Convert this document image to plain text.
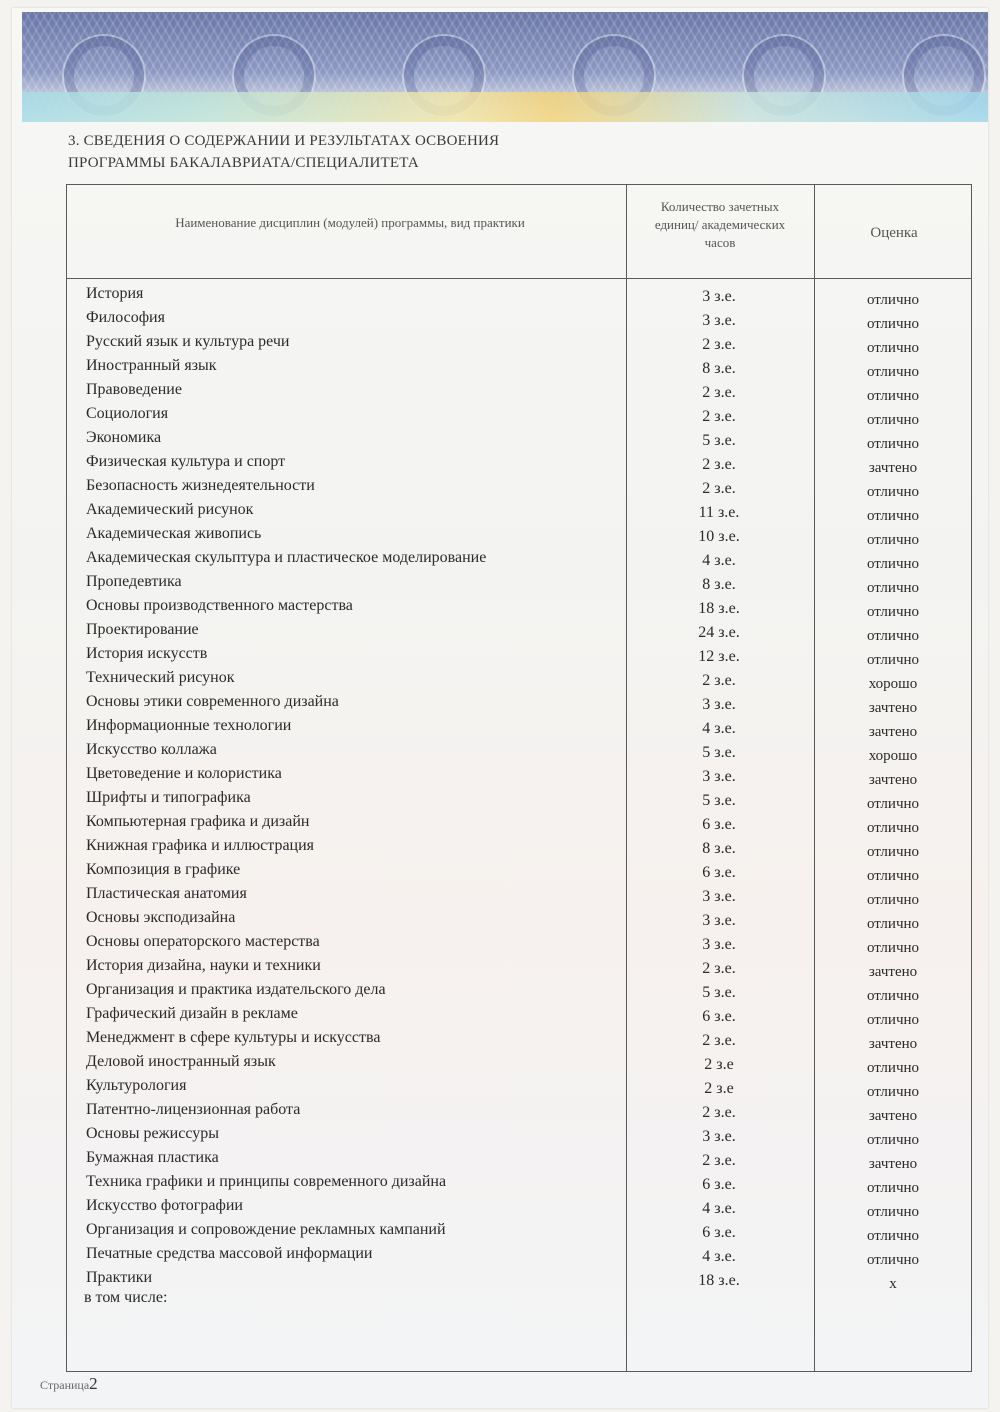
3. СВЕДЕНИЯ О СОДЕРЖАНИИ И РЕЗУЛЬТАТАХ ОСВОЕНИЯ
ПРОГРАММЫ БАКАЛАВРИАТА/СПЕЦИАЛИТЕТА
Наименование дисциплин (модулей) программы, вид практики
Количество зачетных единиц/ академических часов
Оценка
История	3 з.е.	отлично
Философия	3 з.е.	отлично
Русский язык и культура речи	2 з.е.	отлично
Иностранный язык	8 з.е.	отлично
Правоведение	2 з.е.	отлично
Социология	2 з.е.	отлично
Экономика	5 з.е.	отлично
Физическая культура и спорт	2 з.е.	зачтено
Безопасность жизнедеятельности	2 з.е.	отлично
Академический рисунок	11 з.е.	отлично
Академическая живопись	10 з.е.	отлично
Академическая скульптура и пластическое моделирование	4 з.е.	отлично
Пропедевтика	8 з.е.	отлично
Основы производственного мастерства	18 з.е.	отлично
Проектирование	24 з.е.	отлично
История искусств	12 з.е.	отлично
Технический рисунок	2 з.е.	хорошо
Основы этики современного дизайна	3 з.е.	зачтено
Информационные технологии	4 з.е.	зачтено
Искусство коллажа	5 з.е.	хорошо
Цветоведение и колористика	3 з.е.	зачтено
Шрифты и типографика	5 з.е.	отлично
Компьютерная графика и дизайн	6 з.е.	отлично
Книжная графика и иллюстрация	8 з.е.	отлично
Композиция в графике	6 з.е.	отлично
Пластическая анатомия	3 з.е.	отлично
Основы эксподизайна	3 з.е.	отлично
Основы операторского мастерства	3 з.е.	отлично
История дизайна, науки и техники	2 з.е.	зачтено
Организация и практика издательского дела	5 з.е.	отлично
Графический дизайн в рекламе	6 з.е.	отлично
Менеджмент в сфере культуры и искусства	2 з.е.	зачтено
Деловой иностранный язык	2 з.е	отлично
Культурология	2 з.е	отлично
Патентно-лицензионная работа	2 з.е.	зачтено
Основы режиссуры	3 з.е.	отлично
Бумажная пластика	2 з.е.	зачтено
Техника графики и принципы современного дизайна	6 з.е.	отлично
Искусство фотографии	4 з.е.	отлично
Организация и сопровождение рекламных кампаний	6 з.е.	отлично
Печатные средства массовой информации	4 з.е.	отлично
Практики	18 з.е.	х
в том числе:
Страница2
